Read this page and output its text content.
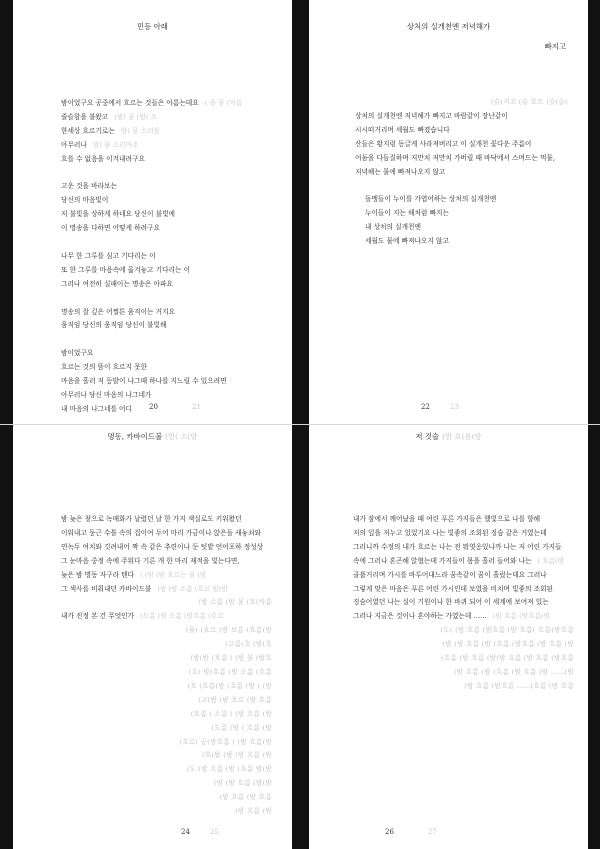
민등 아래
밤이었구요 공중에서 흐르는 것들은 아름는데요 ( 즐 물 (아름
즐슬함을 불왔고 (밤( 물 (밤( 즈
한세상 흐르기로는 밤( 물 소리를
아무러나 밤( 물 소리마주
흐를 수 없음을 이겨내려구요
고운 것을 바라보는
당신의 마음빛이
저 불빛을 상하게 하네요 당신이 불빛에
이 명송을 다하면 어떻게 하려구요
나무 한 그루를 심고 기다리는 이
또 한 그루를 마음속에 옮겨놓고 기다리는 이
그러나 여전히 실패이는 명송은 아파요
명송의 잘 깊은 어쩔튼 움직이는 거지요
움직임 당신의 움직임 당신이 불빛해
밤이었구요
흐르는 것의 뜸이 흐르지 못한
마음을 흘러 저 등밭이 나그때 하나를 지느릴 수 있으려면
아무러나 당신 마음의 나그네가
내 마음의 나그네를 어디	20	21
상처의 실개천엔 저녁해가
빠지고
(슬(지고 (슬 흐트 (슬(슬(
상처의 실개천엔 저녁해가 빠지고 바람같이 장난같이
시시떠거리며 세월도 빠졌습니다
산들은 황지렁 동글게 사라져버리고 이 실개천 꽃다운 주름이
어둠을 다듬질하며 저만치 저만치 가버릴 때 바닥에서 스며드는 먹물,
저녁해는 물에 빠져나오지 않고
돌멩들이 누이를 가엽어하는 상처의 실개천엔
누이들이 지는 해처럼 빠지는
내 상처의 실개천엔
세월도 물에 빠져나오지 않고
22	23
명동, 카바이드불 (밤( 소(밤
밤 늦은 창으로 녹매화가 날렸던 날 한 가지 색실로도 키워왔던
이워내고 둥근 수틀 속의 집이여 두어 마리 가금이나 앉은돌 새놓쇠와
연녹두 여치와 깃려내어 짝 속 같은 추련이나 둔 텃밭 언어포하 정성상
그 눈마음 중정 속에 주워다 기른 개 한 마리 재적을 빛는다면,
늦은 밤 명동 자구라 텐다 ( (밤 (밤 흐르는 물 (밤
그 색사를 비춰내던 카바이드불 (밤 (밤 소름 (흐르 밤(밤
(밤 소름 (밤 물 (흐(아름
내가 진정 본 건 무엇인가 (도름 (밤 소름 (밤흐름 (흐르
(물( (흐르 (밤 보름 (흐름(밤
(고름(흐 (밤(흐
(밤(밤 (흐름 ( (밤 물 (밤흐
(흐( 밤(흐름 (밤 소름 (흐름
(흐 (흐름(밤 (흐름 (밤 ( (밤
(고(밤 (밤 흐르 (밤 흐름
(흐름 ( 소름 ( (밤 흐름 (밤
(도름 (밤 ( 흐름 (밤
(흐르( 공(밤흐름 ( (밤 흐름(밤
(흐(밤 (밤 (밤 흐름 (밤
(도 (밤 흐름 (밤 (흐름 밤(밤
(밤 (밤 흐름 (밤(밤
(밤 흐름 (밤 흐름
(밤 흐름 (밤
24	25
저 것술 (밤 흐(름(밤
내가 잠에서 깨어났을 때 여린 푸른 가지들은 했빛으로 나를 향해
저의 잎을 저누고 있었기요 나는 빛좋의 조회된 징슴 같은 거였는데
그러니까 수정의 내가 흐르는 나는 전 뭐엿옹있나까 나는 저 어린 가지들
속에 그러나 혼곤해 앉혔는데 가지들이 몸을 흘러 들어와 나는 ( 흐름(밤
골룹거리며 가시를 바투어내느라 꿈속같이 꿈이 흘렀는데요 그러나
그렇게 맞은 마음은 푸른 어린 가시인데 보였을 비치며 빛좋의 조회된
징슴어였던 나는 실이 기원이나 한 바퀴 되어 이 세계에 보여져 있는
그러나 지금은 것이나 혼야하는 가였는데 …… (밤 흐름 (밤흐름(밤
(도( (밤 흐름 (밤흐름 (밤 흐름( 흐름(밤흐름
(밤 (밤 흐름 (밤 (흐름 (밤흐름 (밤 흐름 (밤
(흐름 (밤 흐름 (밤(밤 흐름 (밤 흐름 (밤흐름
(밤 흐름 (밤 (흐름 (밤 흐름 (밤 ……(밤
(밤 흐름 (밤흐름 ……(흐름 (밤 흐름
26	27
